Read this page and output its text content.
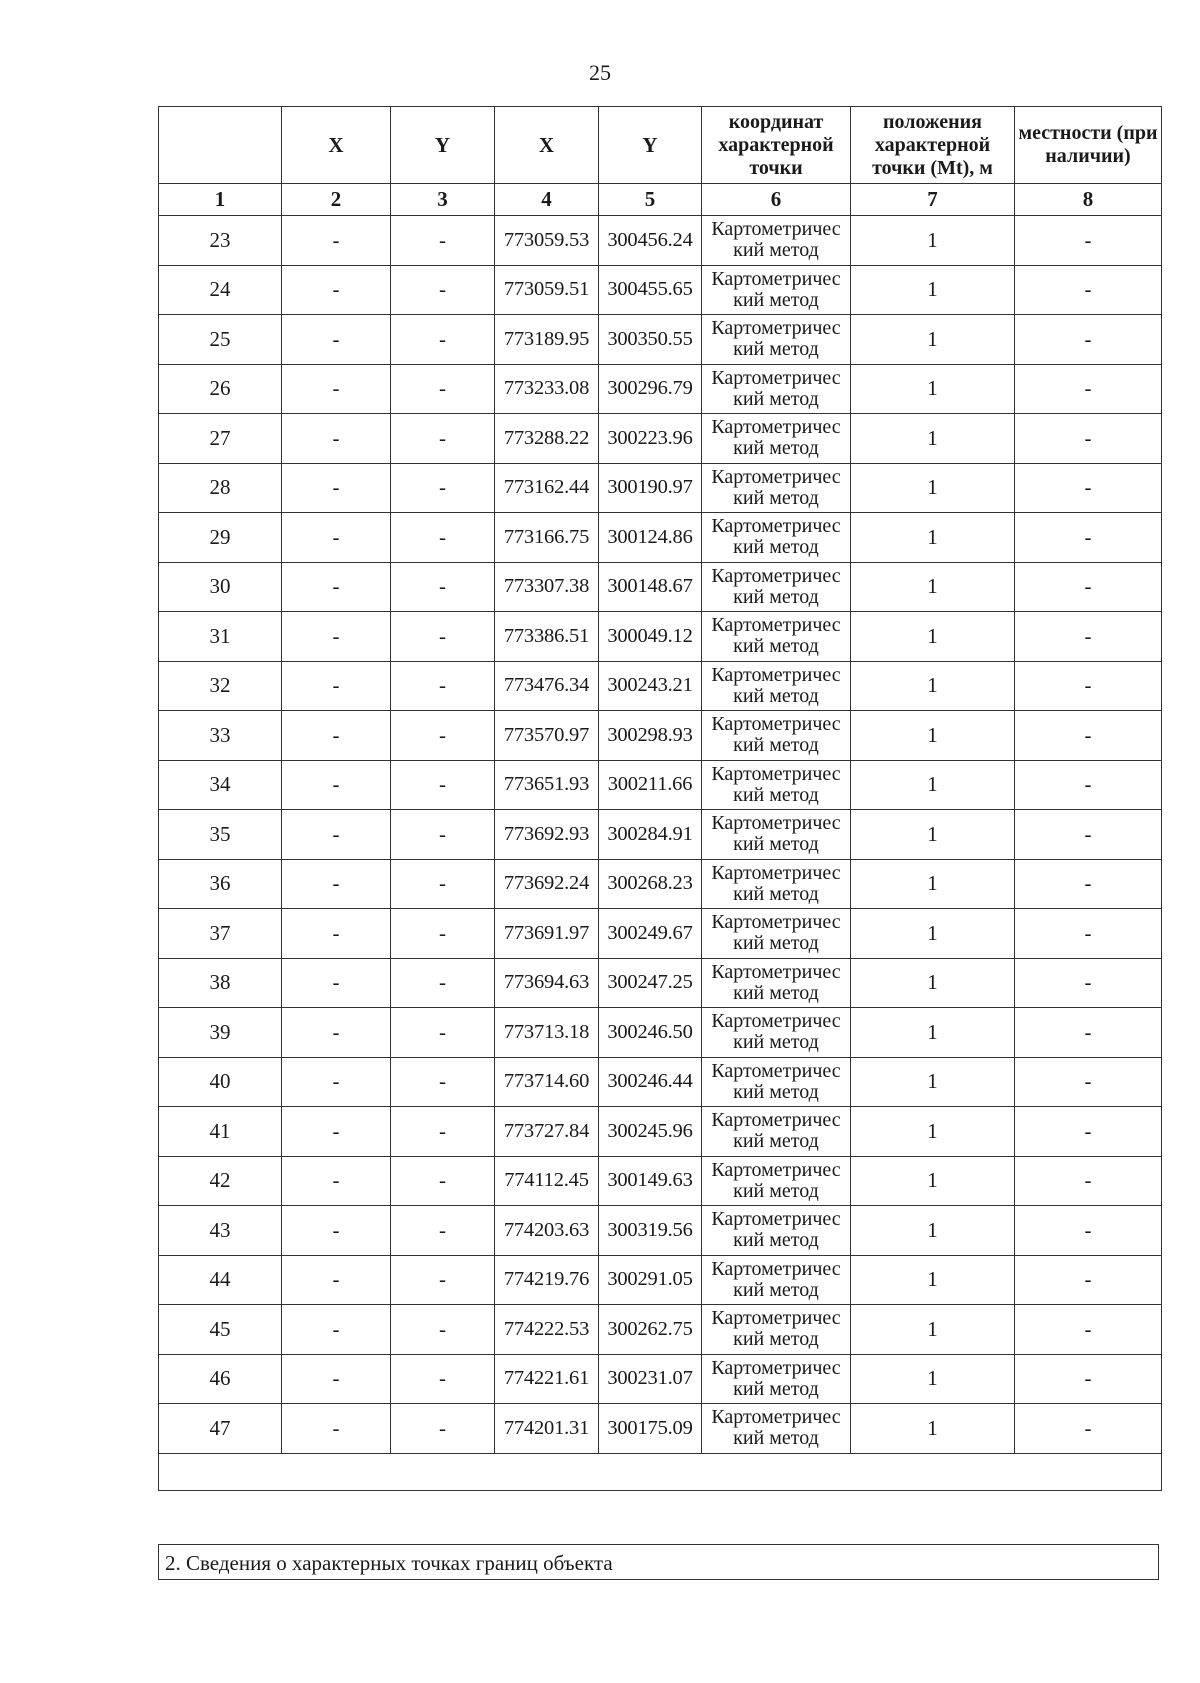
25
	X	Y	X	Y	координат характерной точки	положения характерной точки (Mt), м	местности (при наличии)
1	2	3	4	5	6	7	8
23	-	-	773059.53	300456.24	Картометричес кий метод	1	-
24	-	-	773059.51	300455.65	Картометричес кий метод	1	-
25	-	-	773189.95	300350.55	Картометричес кий метод	1	-
26	-	-	773233.08	300296.79	Картометричес кий метод	1	-
27	-	-	773288.22	300223.96	Картометричес кий метод	1	-
28	-	-	773162.44	300190.97	Картометричес кий метод	1	-
29	-	-	773166.75	300124.86	Картометричес кий метод	1	-
30	-	-	773307.38	300148.67	Картометричес кий метод	1	-
31	-	-	773386.51	300049.12	Картометричес кий метод	1	-
32	-	-	773476.34	300243.21	Картометричес кий метод	1	-
33	-	-	773570.97	300298.93	Картометричес кий метод	1	-
34	-	-	773651.93	300211.66	Картометричес кий метод	1	-
35	-	-	773692.93	300284.91	Картометричес кий метод	1	-
36	-	-	773692.24	300268.23	Картометричес кий метод	1	-
37	-	-	773691.97	300249.67	Картометричес кий метод	1	-
38	-	-	773694.63	300247.25	Картометричес кий метод	1	-
39	-	-	773713.18	300246.50	Картометричес кий метод	1	-
40	-	-	773714.60	300246.44	Картометричес кий метод	1	-
41	-	-	773727.84	300245.96	Картометричес кий метод	1	-
42	-	-	774112.45	300149.63	Картометричес кий метод	1	-
43	-	-	774203.63	300319.56	Картометричес кий метод	1	-
44	-	-	774219.76	300291.05	Картометричес кий метод	1	-
45	-	-	774222.53	300262.75	Картометричес кий метод	1	-
46	-	-	774221.61	300231.07	Картометричес кий метод	1	-
47	-	-	774201.31	300175.09	Картометричес кий метод	1	-

2. Сведения о характерных точках границ объекта
